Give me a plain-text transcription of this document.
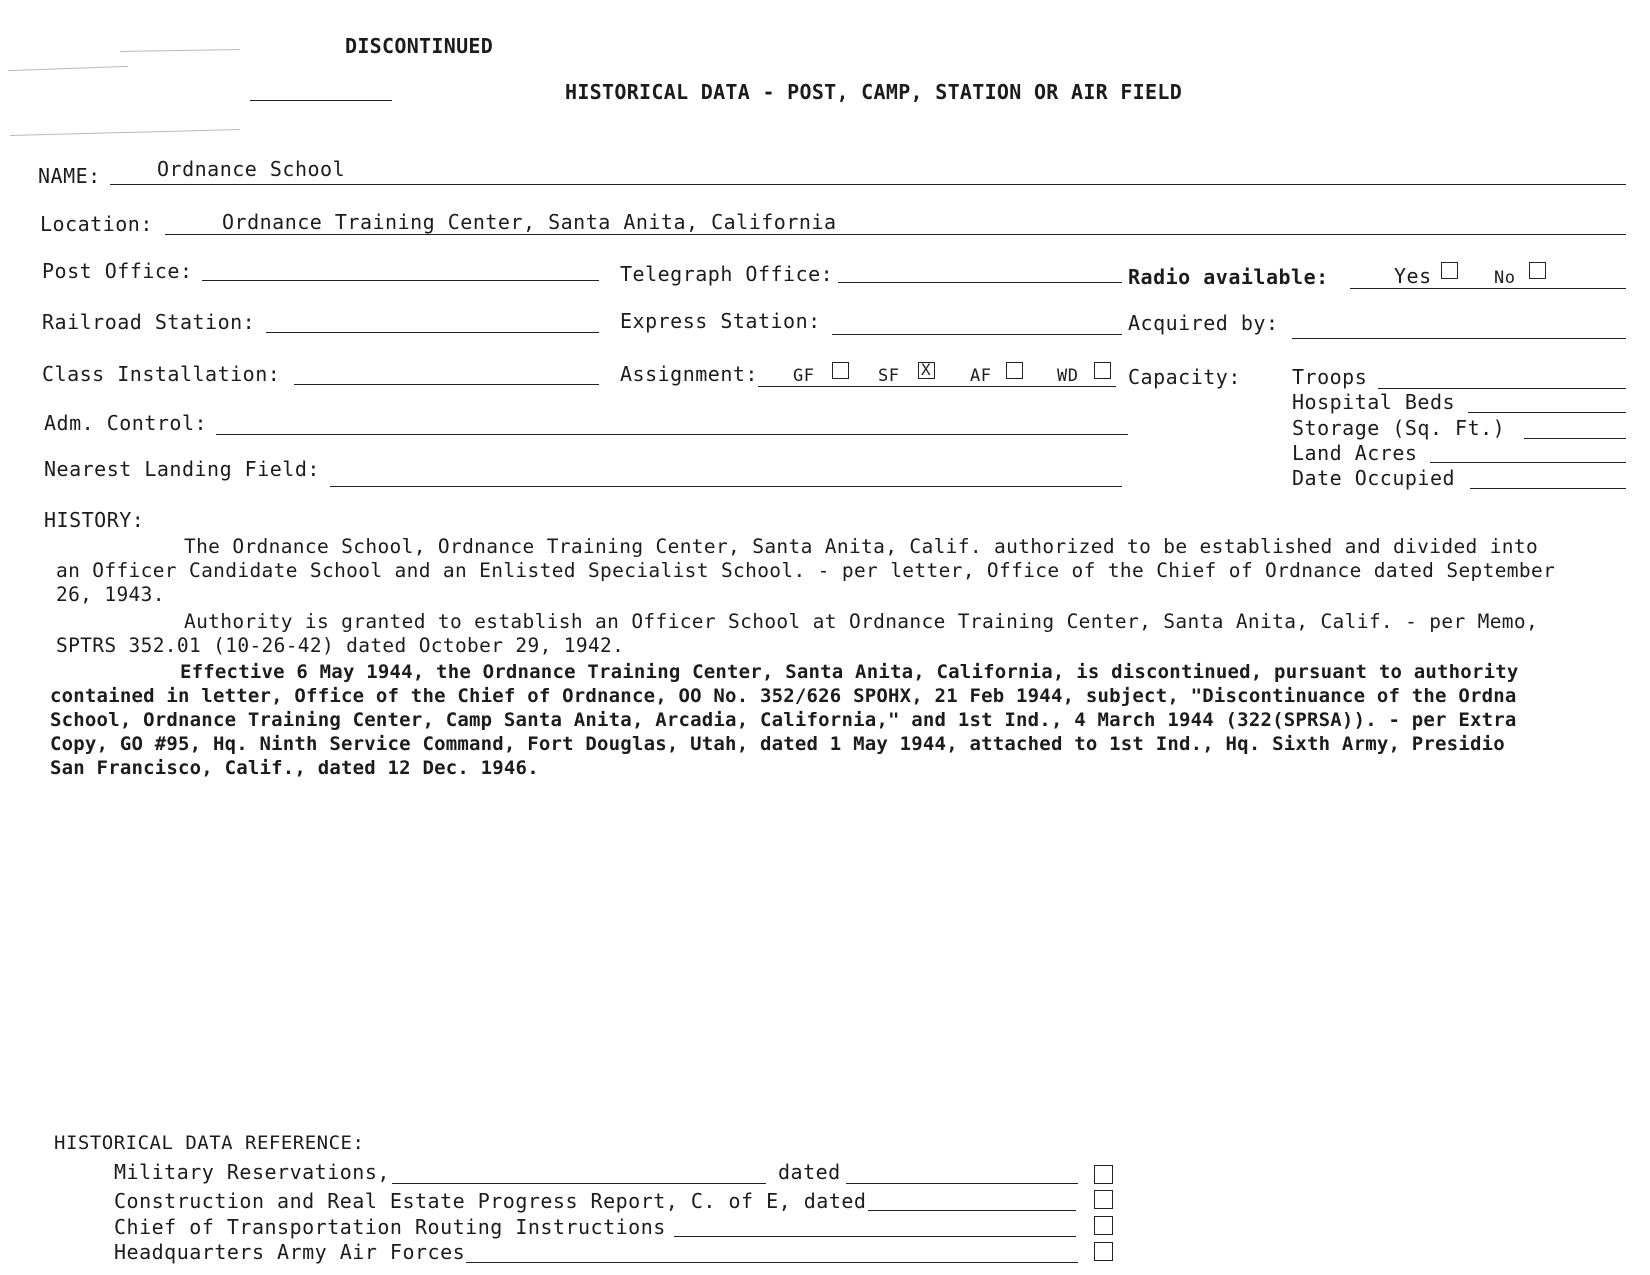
DISCONTINUED
HISTORICAL DATA - POST, CAMP, STATION OR AIR FIELD
NAME:	Ordnance School
Location:	Ordnance Training Center, Santa Anita, California
Post Office:	Telegraph Office:	Radio available:	Yes	No
Railroad Station:	Express Station:	Acquired by:
Class Installation:	Assignment: GF	SF
X	AF	WD Capacity:	Troops
Hospital Beds
Storage (Sq. Ft.)
Land Acres
Date Occupied
Adm. Control:
Nearest Landing Field:
HISTORY:
The Ordnance School, Ordnance Training Center, Santa Anita, Calif. authorized to be established and divided into
an Officer Candidate School and an Enlisted Specialist School. - per letter, Office of the Chief of Ordnance dated September
26, 1943.
Authority is granted to establish an Officer School at Ordnance Training Center, Santa Anita, Calif. - per Memo,
SPTRS 352.01 (10-26-42) dated October 29, 1942.
Effective 6 May 1944, the Ordnance Training Center, Santa Anita, California, is discontinued, pursuant to authority
contained in letter, Office of the Chief of Ordnance, OO No. 352/626 SPOHX, 21 Feb 1944, subject, "Discontinuance of the Ordna
School, Ordnance Training Center, Camp Santa Anita, Arcadia, California," and 1st Ind., 4 March 1944 (322(SPRSA)). - per Extra
Copy, GO #95, Hq. Ninth Service Command, Fort Douglas, Utah, dated 1 May 1944, attached to 1st Ind., Hq. Sixth Army, Presidio
San Francisco, Calif., dated 12 Dec. 1946.
HISTORICAL DATA REFERENCE:
Military Reservations,	dated
Construction and Real Estate Progress Report, C. of E, dated
Chief of Transportation Routing Instructions
Headquarters Army Air Forces
